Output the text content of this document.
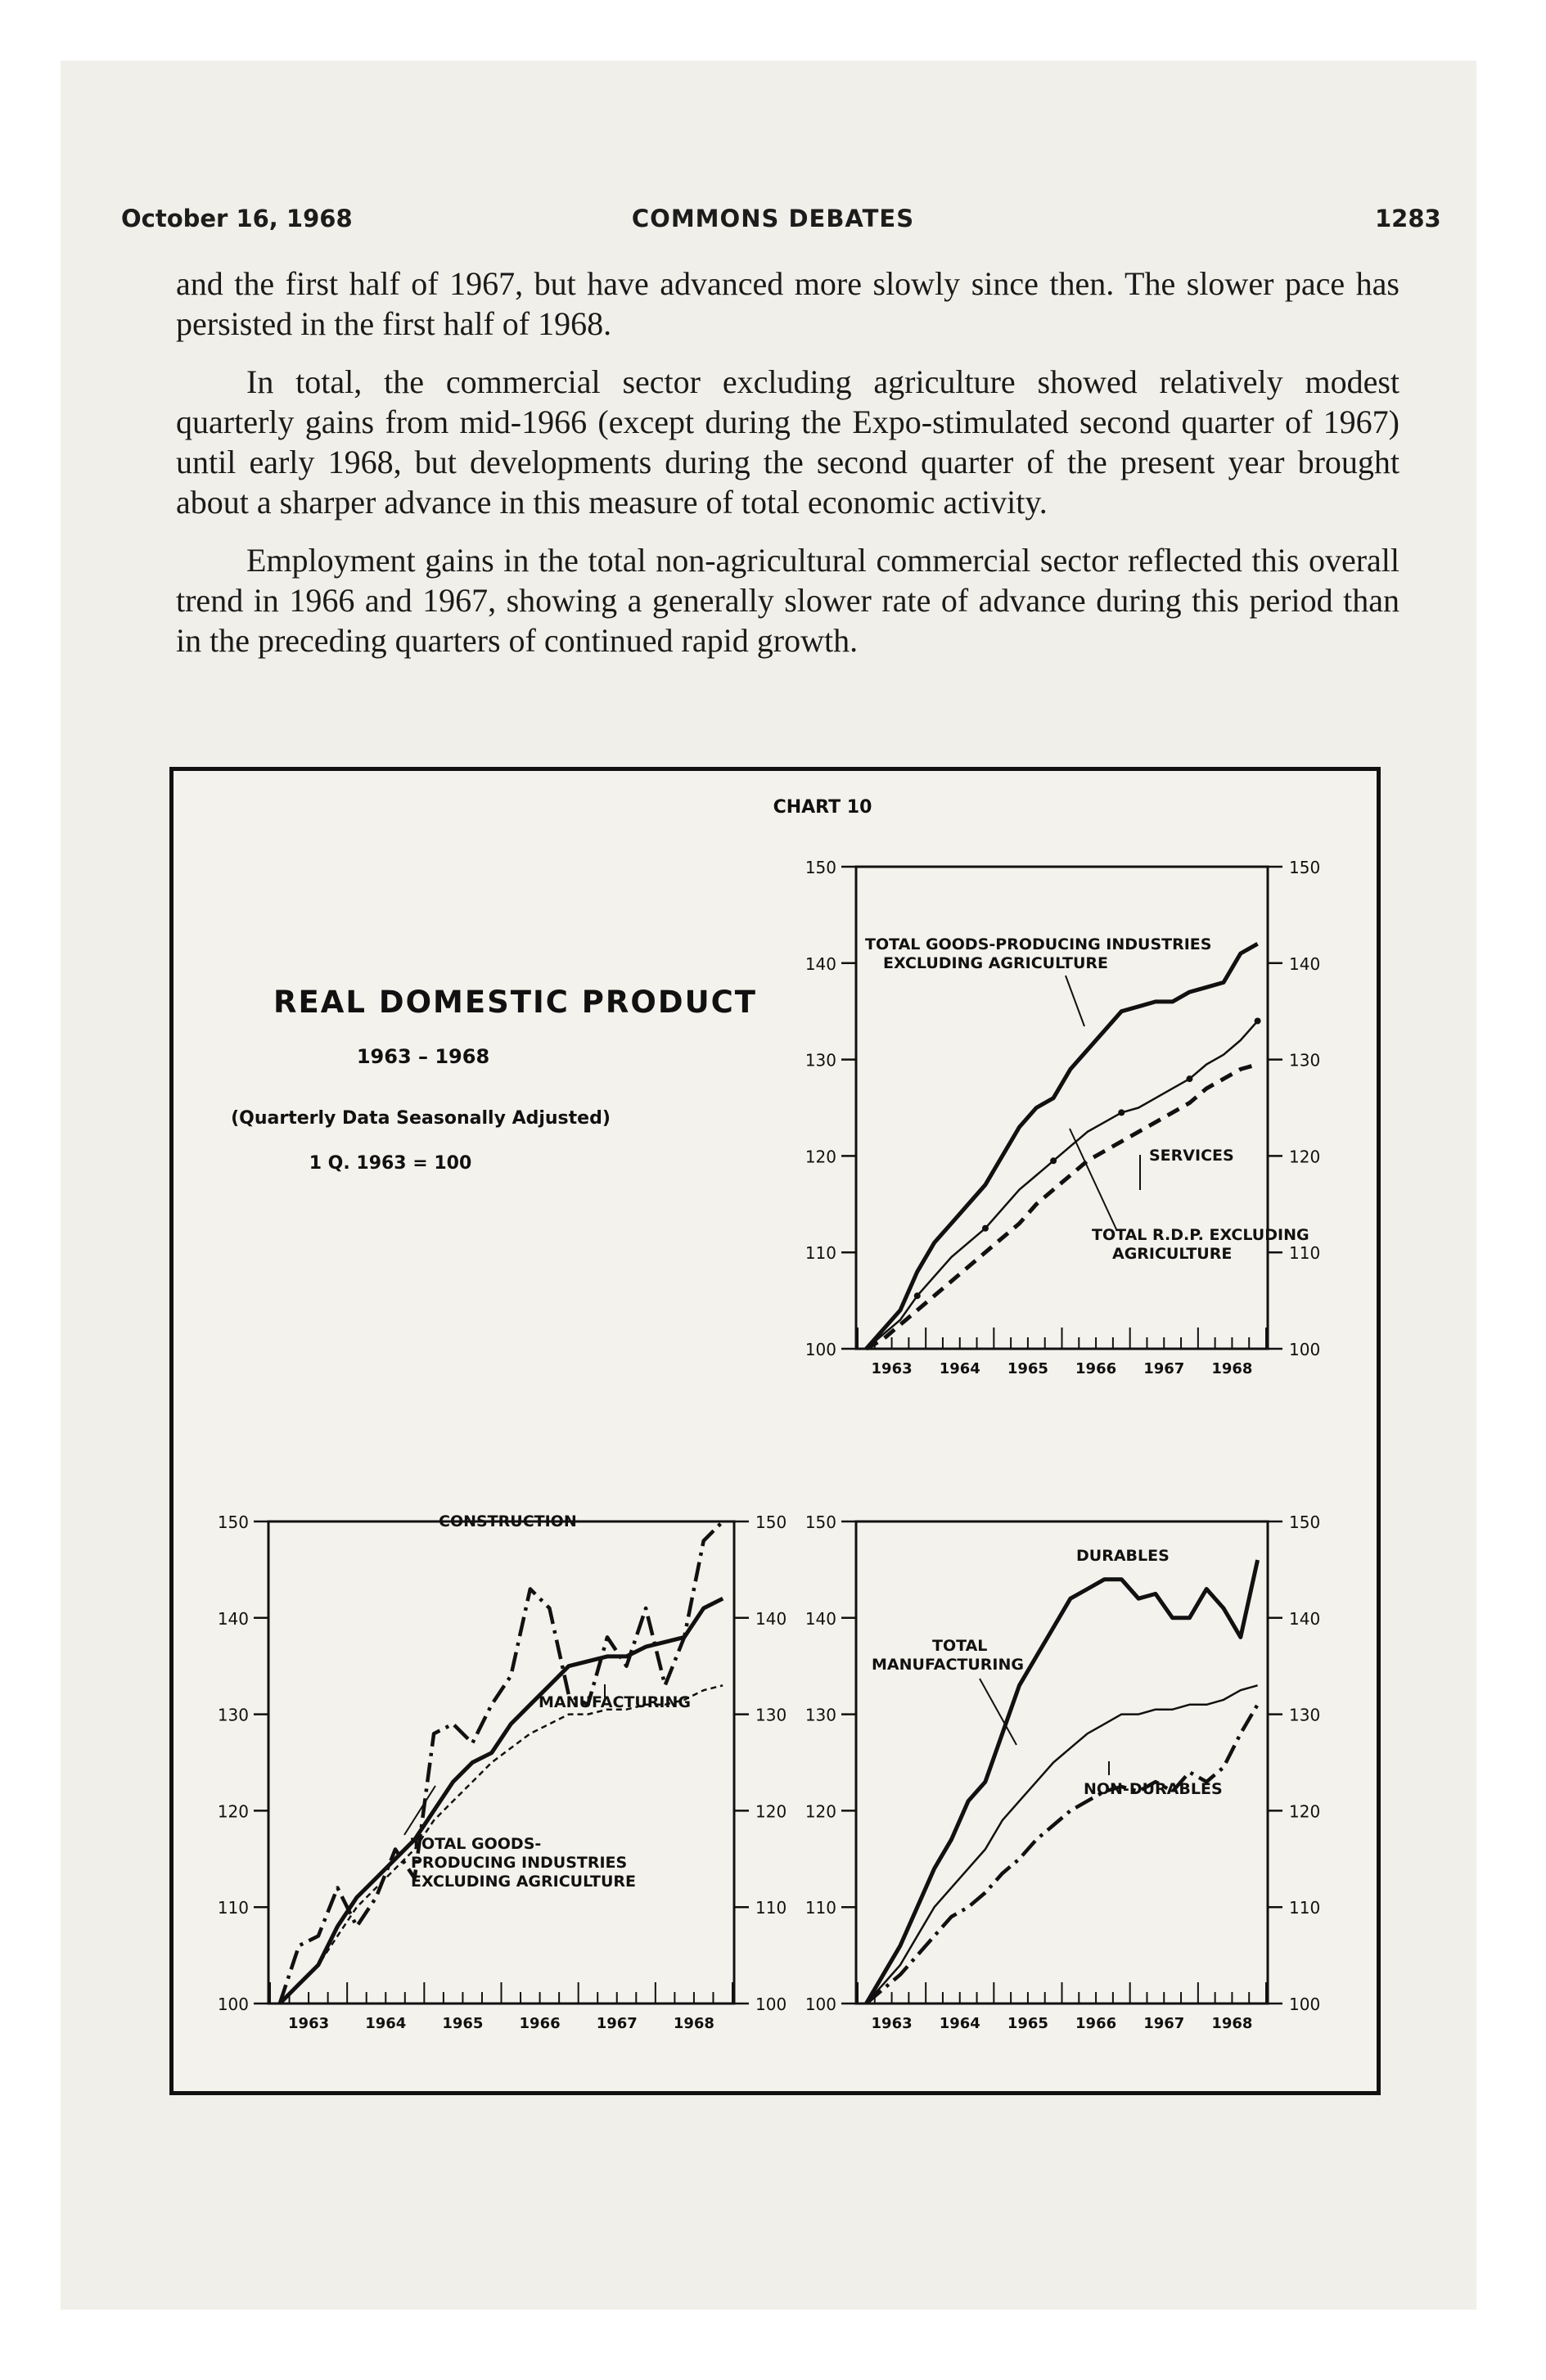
October 16, 1968	COMMONS DEBATES	1283

and the first half of 1967, but have advanced more slowly since then. The slower pace has persisted in the first half of 1968.

In total, the commercial sector excluding agriculture showed relatively modest quarterly gains from mid-1966 (except during the Expo-stimulated second quarter of 1967) until early 1968, but developments during the second quarter of the present year brought about a sharper advance in this measure of total economic activity.

Employment gains in the total non-agricultural commercial sector reflected this overall trend in 1966 and 1967, showing a generally slower rate of advance during this period than in the preceding quarters of continued rapid growth.

CHART 10
REAL DOMESTIC PRODUCT
1963 – 1968
(Quarterly Data Seasonally Adjusted)
1 Q. 1963 = 100
100	100
110	110
120	120
130	130
140	140
150	150
1963 1964 1965 1966 1967 1968
TOTAL GOODS-PRODUCING INDUSTRIES
EXCLUDING AGRICULTURE
SERVICES
TOTAL R.D.P. EXCLUDING
AGRICULTURE
100	100
110	110
120	120
130	130
140	140
150	150
1963 1964 1965 1966 1967 1968
CONSTRUCTION
MANUFACTURING
TOTAL GOODS-
PRODUCING INDUSTRIES
EXCLUDING AGRICULTURE
100	100
110	110
120	120
130	130
140	140
150	150
1963 1964 1965 1966 1967 1968
DURABLES
TOTAL
MANUFACTURING
NON-DURABLES
